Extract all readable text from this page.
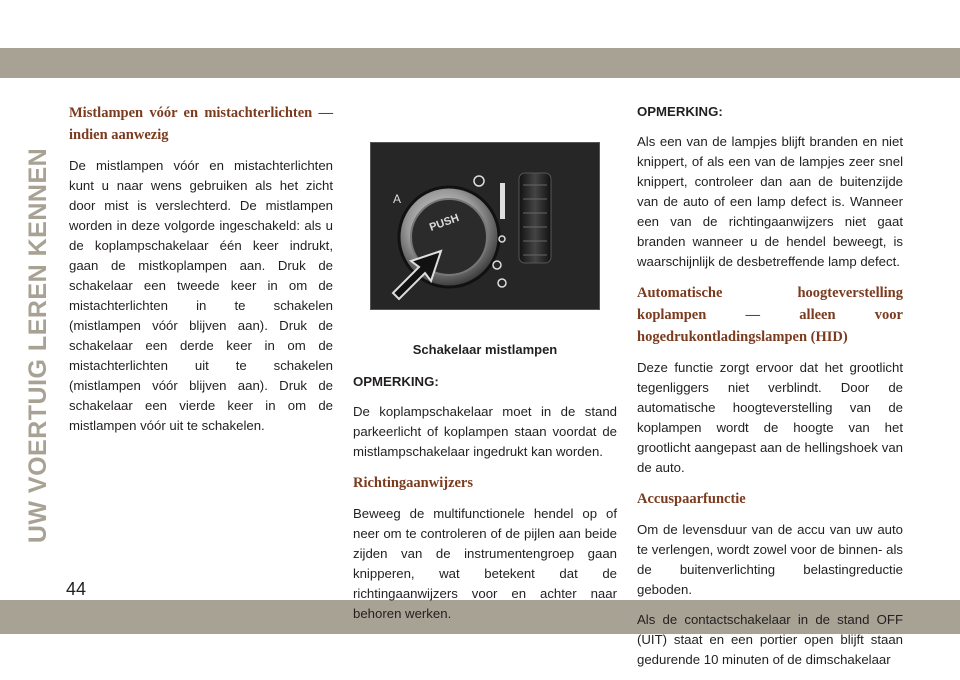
UW VOERTUIG LEREN KENNEN
44
Mistlampen vóór en mistachterlichten — indien aanwezig

De mistlampen vóór en mistachterlichten kunt u naar wens gebruiken als het zicht door mist is verslechterd. De mistlampen worden in deze volgorde ingeschakeld: als u de koplampschakelaar één keer indrukt, gaan de mistkoplampen aan. Druk de schakelaar een tweede keer in om de mistachterlichten in te schakelen (mistlampen vóór blijven aan). Druk de schakelaar een derde keer in om de mistachterlichten uit te schakelen (mistlampen vóór blijven aan). Druk de schakelaar een vierde keer in om de mistlampen vóór uit te schakelen.

PUSH
A
Schakelaar mistlampen

OPMERKING:

De koplampschakelaar moet in de stand parkeerlicht of koplampen staan voordat de mistlampschakelaar ingedrukt kan worden.

Richtingaanwijzers

Beweeg de multifunctionele hendel op of neer om te controleren of de pijlen aan beide zijden van de instrumentengroep gaan knipperen, wat betekent dat de richtingaanwijzers voor en achter naar behoren werken.

OPMERKING:

Als een van de lampjes blijft branden en niet knippert, of als een van de lampjes zeer snel knippert, controleer dan aan de buitenzijde van de auto of een lamp defect is. Wanneer een van de richtingaanwijzers niet gaat branden wanneer u de hendel beweegt, is waarschijnlijk de desbetreffende lamp defect.

Automatische hoogteverstelling koplampen — alleen voor hogedrukontladingslampen (HID)

Deze functie zorgt ervoor dat het grootlicht tegenliggers niet verblindt. Door de automatische hoogteverstelling van de koplampen wordt de hoogte van het grootlicht aangepast aan de hellingshoek van de auto.

Accuspaarfunctie

Om de levensduur van de accu van uw auto te verlengen, wordt zowel voor de binnen- als de buitenverlichting belastingreductie geboden.

Als de contactschakelaar in de stand OFF (UIT) staat en een portier open blijft staan gedurende 10 minuten of de dimschakelaar
